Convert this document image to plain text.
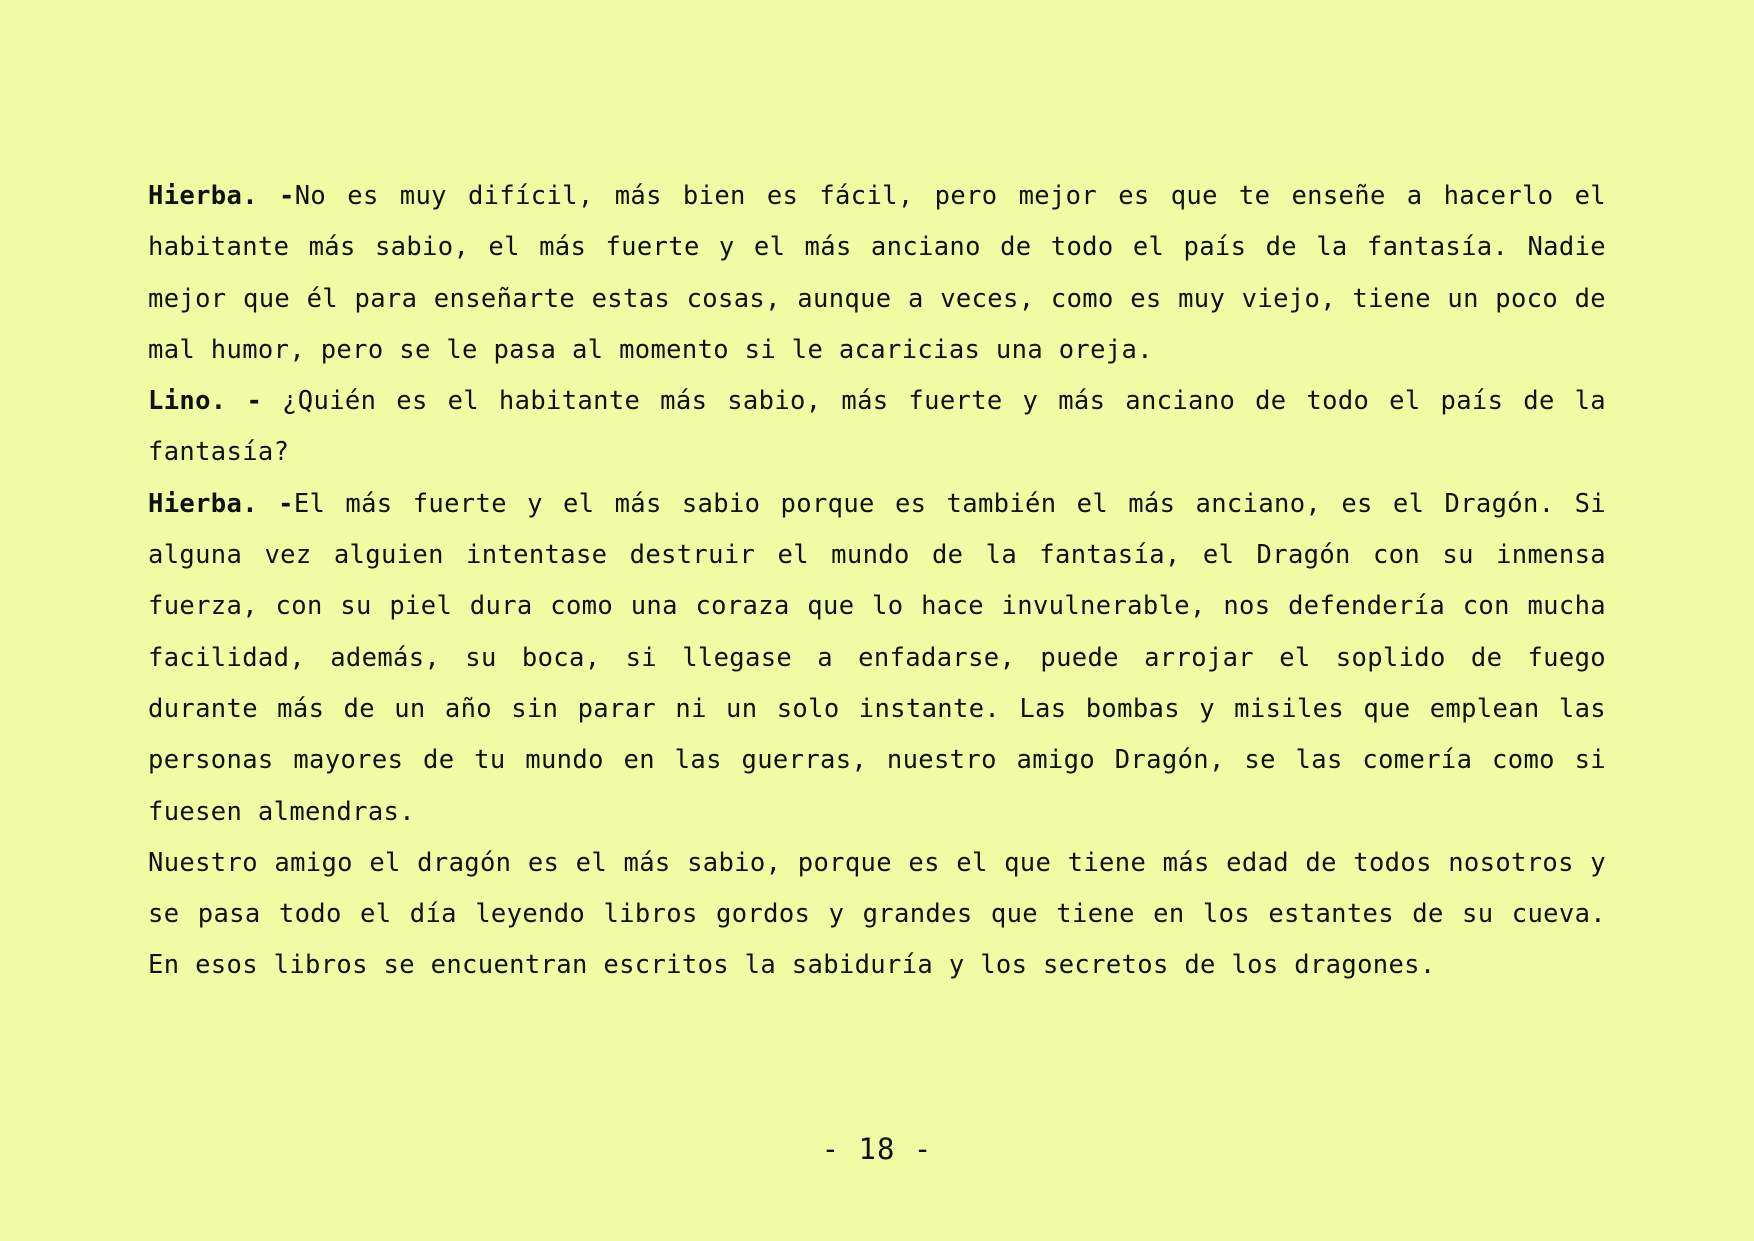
Hierba. -No es muy difícil, más bien es fácil, pero mejor es que te enseñe a hacerlo el habitante más sabio, el más fuerte y el más anciano de todo el país de la fantasía. Nadie mejor que él para enseñarte estas cosas, aunque a veces, como es muy viejo, tiene un poco de mal humor, pero se le pasa al momento si le acaricias una oreja.

Lino. - ¿Quién es el habitante más sabio, más fuerte y más anciano de todo el país de la fantasía?

Hierba. -El más fuerte y el más sabio porque es también el más anciano, es el Dragón. Si alguna vez alguien intentase destruir el mundo de la fantasía, el Dragón con su inmensa fuerza, con su piel dura como una coraza que lo hace invulnerable, nos defendería con mucha facilidad, además, su boca, si llegase a enfadarse, puede arrojar el soplido de fuego durante más de un año sin parar ni un solo instante. Las bombas y misiles que emplean las personas mayores de tu mundo en las guerras, nuestro amigo Dragón, se las comería como si fuesen almendras.

Nuestro amigo el dragón es el más sabio, porque es el que tiene más edad de todos nosotros y se pasa todo el día leyendo libros gordos y grandes que tiene en los estantes de su cueva. En esos libros se encuentran escritos la sabiduría y los secretos de los dragones.

- 18 -
